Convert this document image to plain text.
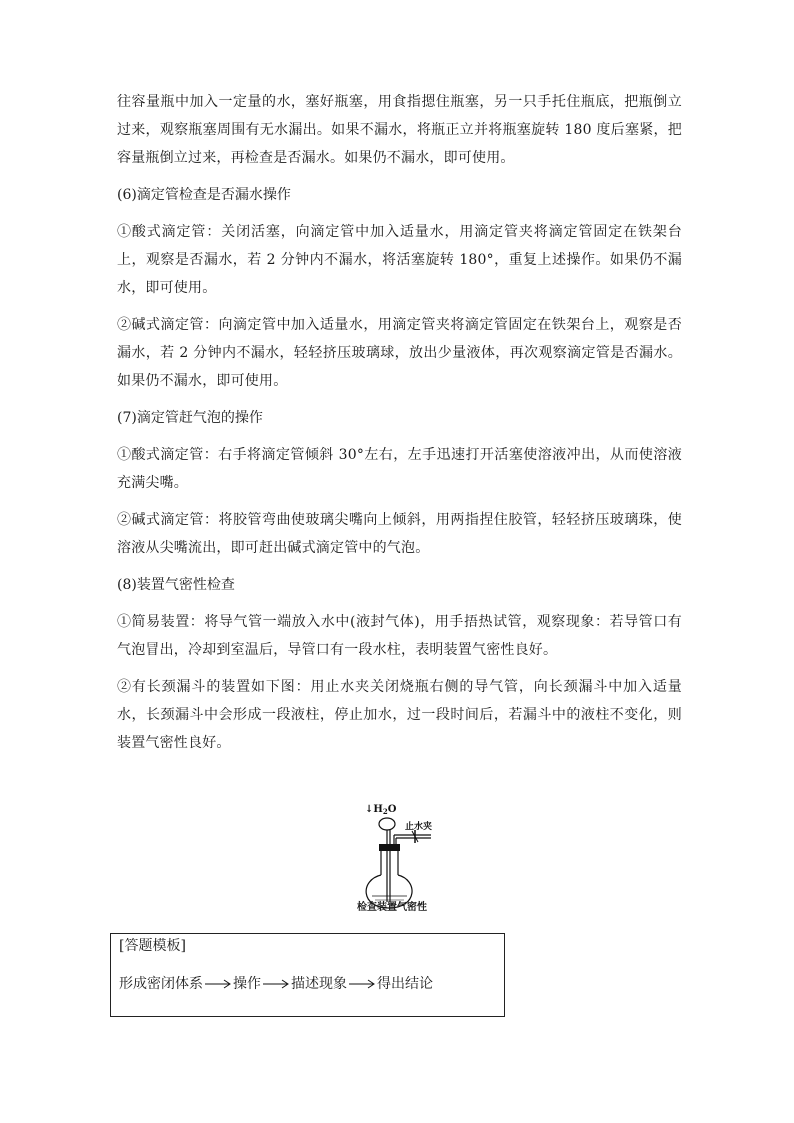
往容量瓶中加入一定量的水，塞好瓶塞，用食指摁住瓶塞，另一只手托住瓶底，把瓶倒立过来，观察瓶塞周围有无水漏出。如果不漏水，将瓶正立并将瓶塞旋转 180 度后塞紧，把容量瓶倒立过来，再检查是否漏水。如果仍不漏水，即可使用。

(6)滴定管检查是否漏水操作

①酸式滴定管：关闭活塞，向滴定管中加入适量水，用滴定管夹将滴定管固定在铁架台上，观察是否漏水，若 2 分钟内不漏水，将活塞旋转 180°，重复上述操作。如果仍不漏水，即可使用。

②碱式滴定管：向滴定管中加入适量水，用滴定管夹将滴定管固定在铁架台上，观察是否漏水，若 2 分钟内不漏水，轻轻挤压玻璃球，放出少量液体，再次观察滴定管是否漏水。如果仍不漏水，即可使用。

(7)滴定管赶气泡的操作

①酸式滴定管：右手将滴定管倾斜 30°左右，左手迅速打开活塞使溶液冲出，从而使溶液充满尖嘴。

②碱式滴定管：将胶管弯曲使玻璃尖嘴向上倾斜，用两指捏住胶管，轻轻挤压玻璃珠，使溶液从尖嘴流出，即可赶出碱式滴定管中的气泡。

(8)装置气密性检查

①简易装置：将导气管一端放入水中(液封气体)，用手捂热试管，观察现象：若导管口有气泡冒出，冷却到室温后，导管口有一段水柱，表明装置气密性良好。

②有长颈漏斗的装置如下图：用止水夹关闭烧瓶右侧的导气管，向长颈漏斗中加入适量水，长颈漏斗中会形成一段液柱，停止加水，过一段时间后，若漏斗中的液柱不变化，则装置气密性良好。

$↓H_2O$
止水夹
检查装置气密性
[答题模板]
形成密闭体系 操作 描述现象 得出结论
